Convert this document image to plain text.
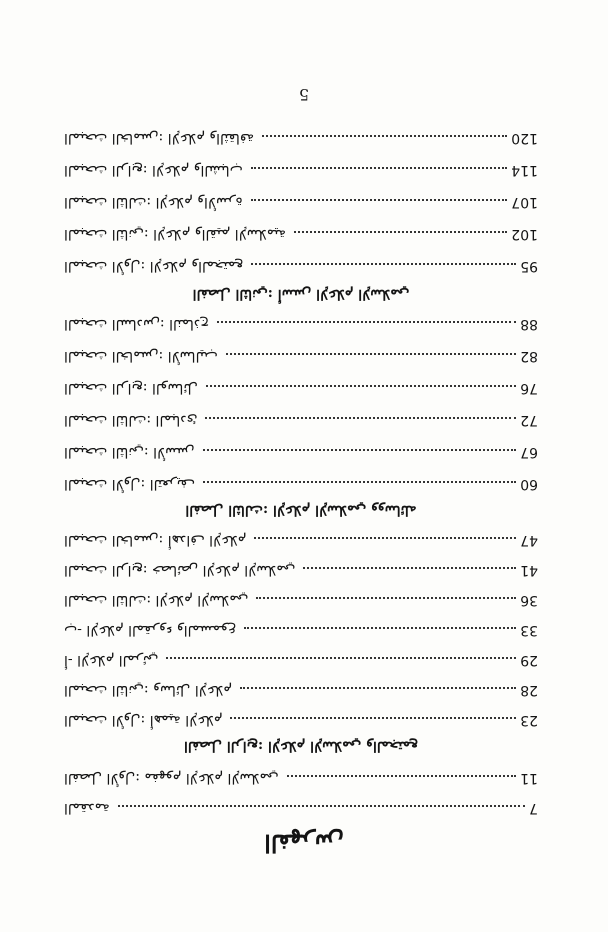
الفهرس
المقدمة	7
الفصل الأول: مفهوم الإعلام الإسلامي	11
الفصل الرابع: الإعلام الإسلامي والمجتمع
المبحث الأول: أهمية الإعلام	23
المبحث الثاني: وسائل الإعلام	28
أ- الإعلام المرئي	29
ب- الإعلام المقروء والمسموع	33
المبحث الثالث: الإعلام الإسلامي	36
المبحث الرابع: خصائص الإعلام الإسلامي	41
المبحث الخامس: أهداف الإعلام	47
الفصل الثالث: الإعلام الإسلامي ووسائله
المبحث الأول: التعريف	60
المبحث الثاني: الأسس	67
المبحث الثالث: المبادئ	72
المبحث الرابع: الوسائل	76
المبحث الخامس: الأساليب	82
المبحث السادس: النماذج	88
الفصل الثاني: أسس الإعلام الإسلامي
المبحث الأول: الإعلام والمجتمع	95
المبحث الثاني: الإعلام والقيم الإسلامية	102
المبحث الثالث: الإعلام والأسرة	107
المبحث الرابع: الإعلام والشباب	114
المبحث الخامس: الإعلام والثقافة	120
5
